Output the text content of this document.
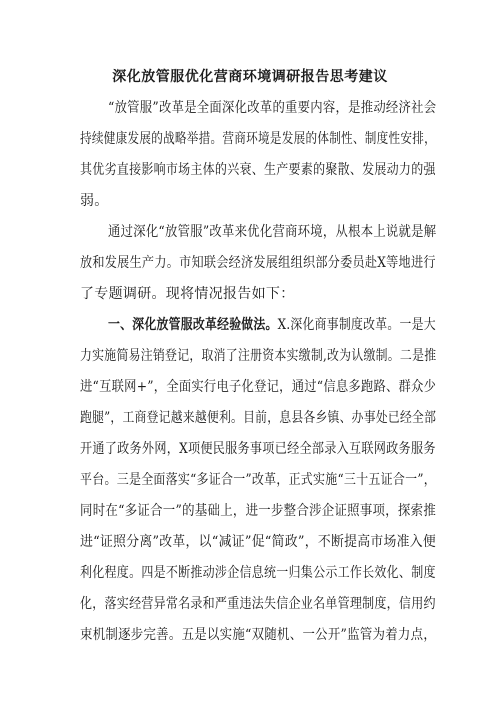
深化放管服优化营商环境调研报告思考建议
“放管服”改革是全面深化改革的重要内容，是推动经济社会
持续健康发展的战略举措。营商环境是发展的体制性、制度性安排，
其优劣直接影响市场主体的兴衰、生产要素的聚散、发展动力的强
弱。
通过深化“放管服”改革来优化营商环境，从根本上说就是解
放和发展生产力。市知联会经济发展组组织部分委员赴X等地进行
了专题调研。现将情况报告如下：
一、深化放管服改革经验做法。X.深化商事制度改革。一是大
力实施简易注销登记，取消了注册资本实缴制,改为认缴制。二是推
进“互联网+”，全面实行电子化登记，通过“信息多跑路、群众少
跑腿”，工商登记越来越便利。目前，息县各乡镇、办事处已经全部
开通了政务外网，X项便民服务事项已经全部录入互联网政务服务
平台。三是全面落实“多证合一”改革，正式实施“三十五证合一”，
同时在“多证合一”的基础上，进一步整合涉企证照事项，探索推
进“证照分离”改革，以“减证”促“简政”，不断提高市场准入便
利化程度。四是不断推动涉企信息统一归集公示工作长效化、制度
化，落实经营异常名录和严重违法失信企业名单管理制度，信用约
束机制逐步完善。五是以实施“双随机、一公开”监管为着力点，
